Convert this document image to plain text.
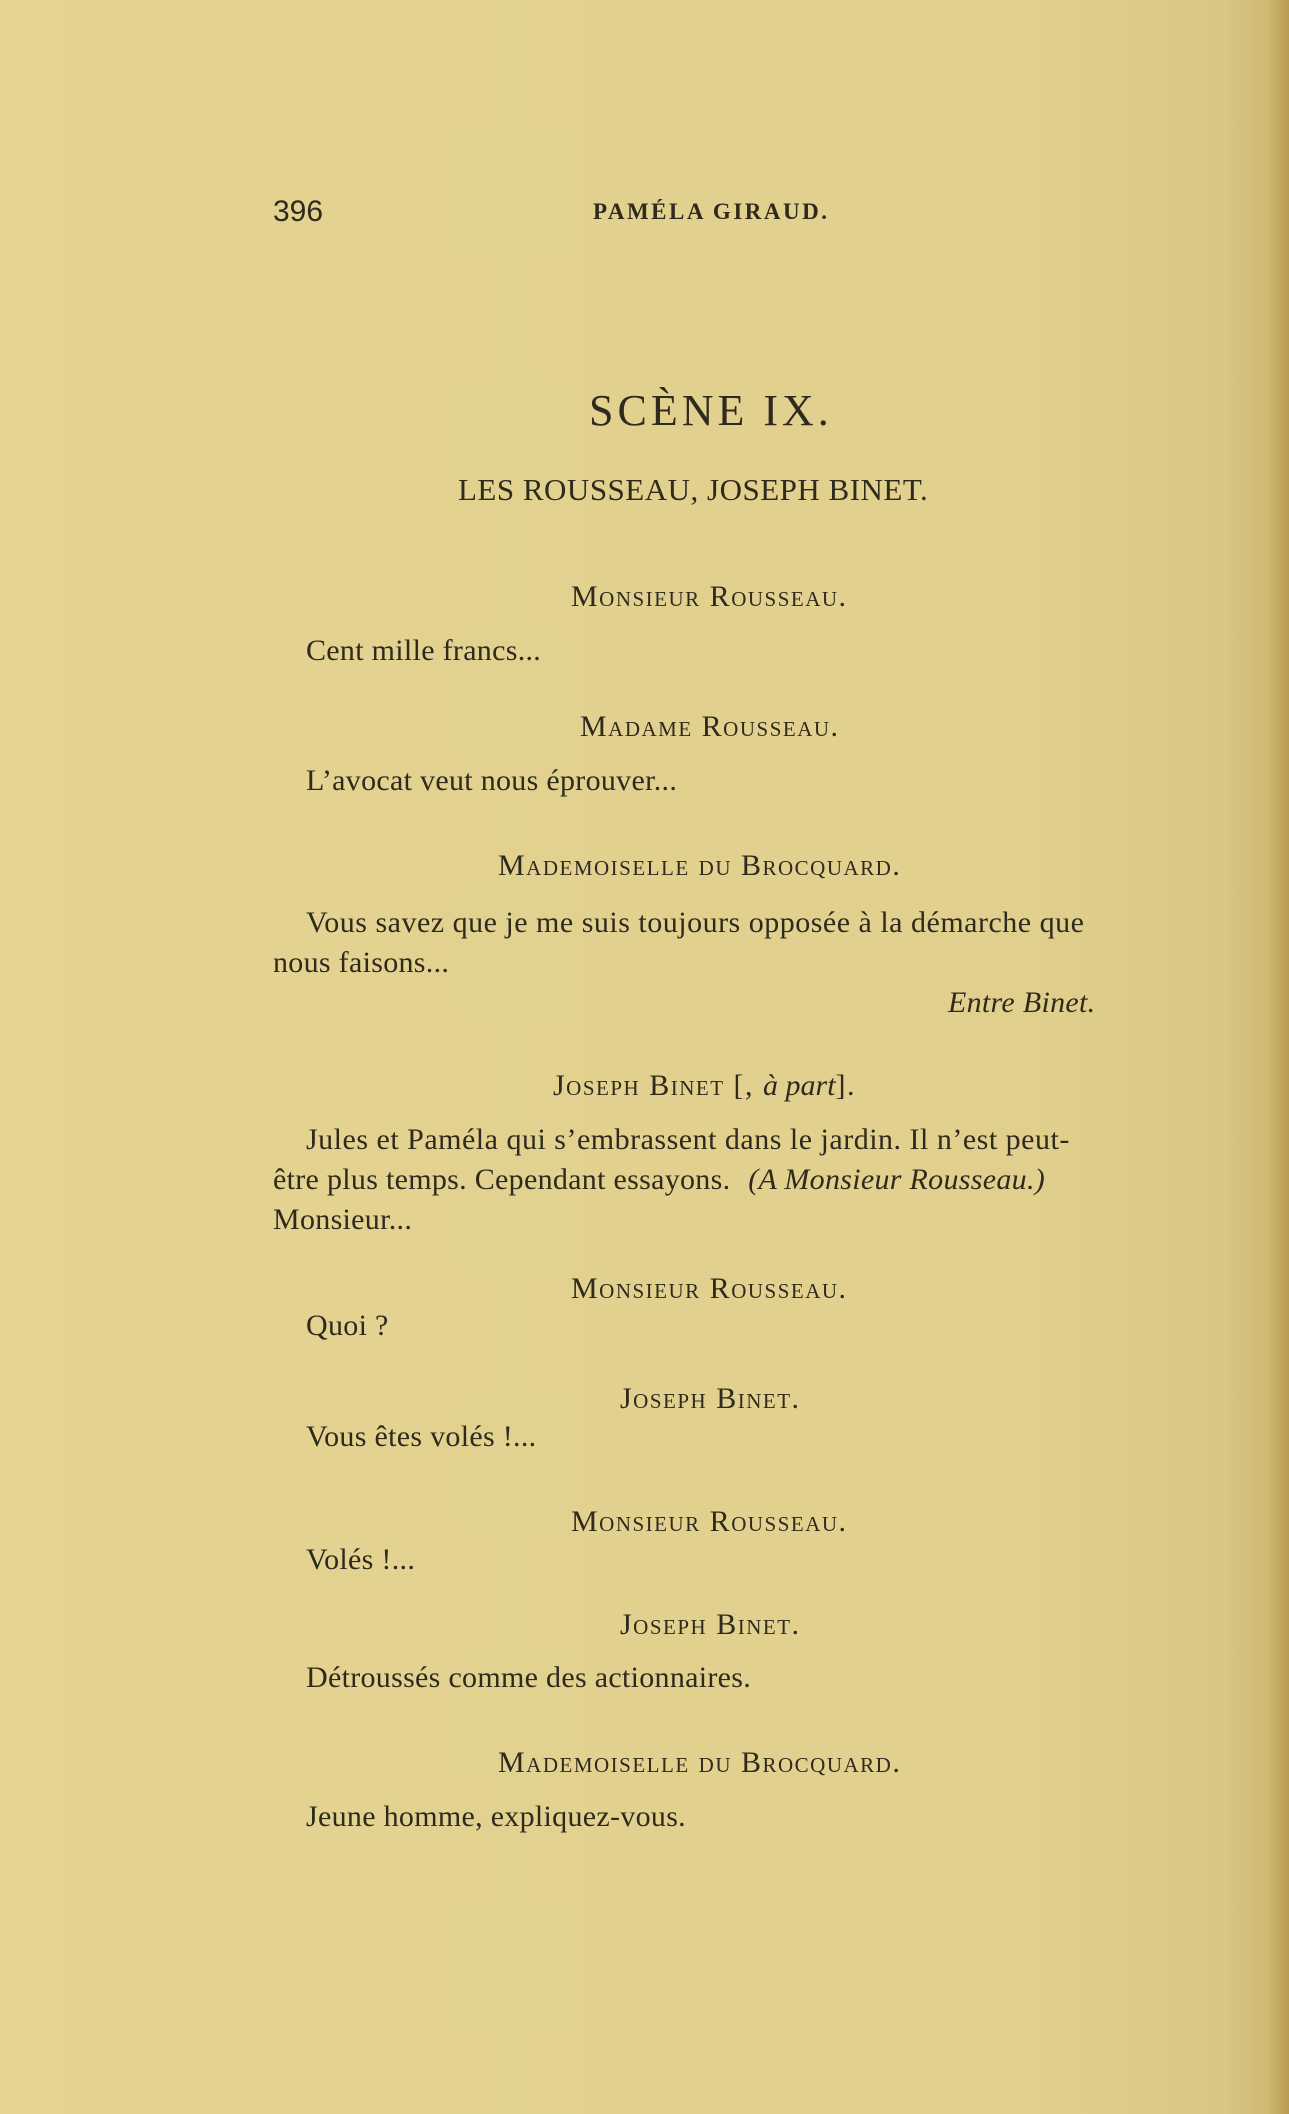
396	PAMÉLA GIRAUD.
SCÈNE IX.
LES ROUSSEAU, JOSEPH BINET.
Monsieur Rousseau.
Cent mille francs...
Madame Rousseau.
L’avocat veut nous éprouver...
Mademoiselle du Brocquard.
Vous savez que je me suis toujours opposée à la démarche que
nous faisons...
Entre Binet.
Joseph Binet [, à part].
Jules et Paméla qui s’embrassent dans le jardin. Il n’est peut-
être plus temps. Cependant essayons. (A Monsieur Rousseau.)
Monsieur...
Monsieur Rousseau.
Quoi ?
Joseph Binet.
Vous êtes volés !...
Monsieur Rousseau.
Volés !...
Joseph Binet.
Détroussés comme des actionnaires.
Mademoiselle du Brocquard.
Jeune homme, expliquez-vous.
